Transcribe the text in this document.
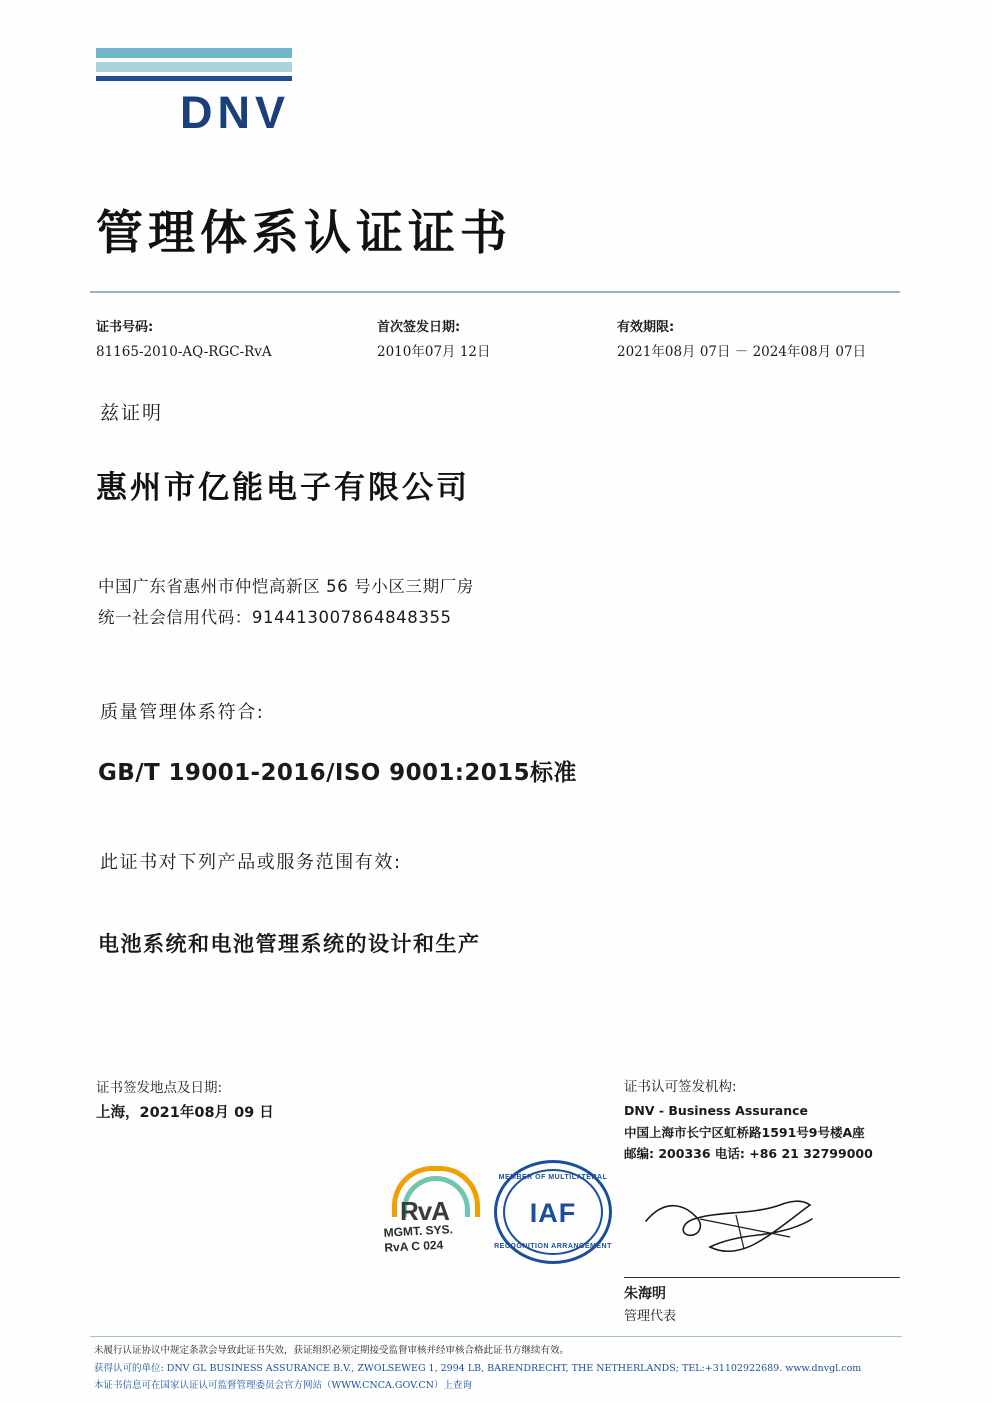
DNV
管理体系认证证书
证书号码:
81165-2010-AQ-RGC-RvA
首次签发日期:
2010年07月 12日
有效期限:
2021年08月 07日 － 2024年08月 07日
兹证明
惠州市亿能电子有限公司
中国广东省惠州市仲恺高新区 56 号小区三期厂房
统一社会信用代码：914413007864848355
质量管理体系符合:
GB/T 19001-2016/ISO 9001:2015标准
此证书对下列产品或服务范围有效:
电池系统和电池管理系统的设计和生产
证书签发地点及日期:
上海，2021年08月 09 日
证书认可签发机构:
DNV - Business Assurance
中国上海市长宁区虹桥路1591号9号楼A座
邮编: 200336 电话: +86 21 32799000
RvA
MGMT. SYS.
RvA C 024
MEMBER OF MULTILATERAL
IAF
RECOGNITION ARRANGEMENT
朱海明
管理代表
未履行认证协议中规定条款会导致此证书失效，获证组织必须定期接受监督审核并经审核合格此证书方继续有效。
获得认可的单位: DNV GL BUSINESS ASSURANCE B.V., ZWOLSEWEG 1, 2994 LB, BARENDRECHT, THE NETHERLANDS; TEL:+31102922689. www.dnvgl.com
本证书信息可在国家认证认可监督管理委员会官方网站（WWW.CNCA.GOV.CN）上查询
